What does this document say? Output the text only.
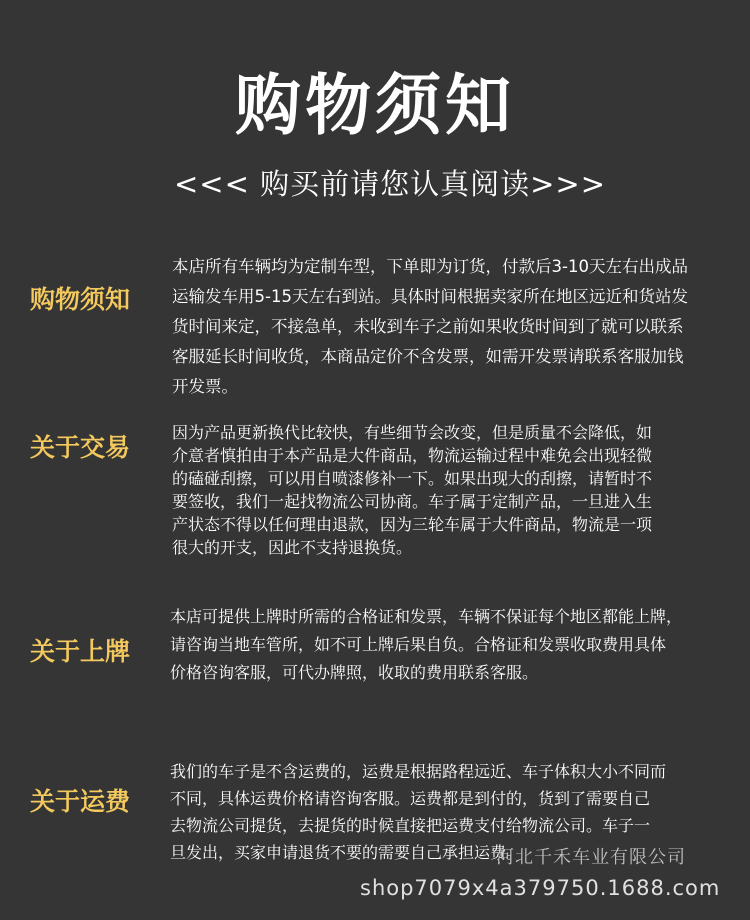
购物须知
<<< 购买前请您认真阅读>>>
购物须知
本店所有车辆均为定制车型，下单即为订货，付款后3-10天左右出成品
运输发车用5-15天左右到站。具体时间根据卖家所在地区远近和货站发
货时间来定，不接急单，未收到车子之前如果收货时间到了就可以联系
客服延长时间收货，本商品定价不含发票，如需开发票请联系客服加钱
开发票。
关于交易
因为产品更新换代比较快，有些细节会改变，但是质量不会降低，如
介意者慎拍由于本产品是大件商品，物流运输过程中难免会出现轻微
的磕碰刮擦，可以用自喷漆修补一下。如果出现大的刮擦，请暂时不
要签收，我们一起找物流公司协商。车子属于定制产品，一旦进入生
产状态不得以任何理由退款，因为三轮车属于大件商品，物流是一项
很大的开支，因此不支持退换货。
关于上牌
本店可提供上牌时所需的合格证和发票，车辆不保证每个地区都能上牌，
请咨询当地车管所，如不可上牌后果自负。合格证和发票收取费用具体
价格咨询客服，可代办牌照，收取的费用联系客服。
关于运费
我们的车子是不含运费的，运费是根据路程远近、车子体积大小不同而
不同，具体运费价格请咨询客服。运费都是到付的，货到了需要自己
去物流公司提货，去提货的时候直接把运费支付给物流公司。车子一
旦发出，买家申请退货不要的需要自己承担运费。
河北千禾车业有限公司
shop7079x4a379750.1688.com
